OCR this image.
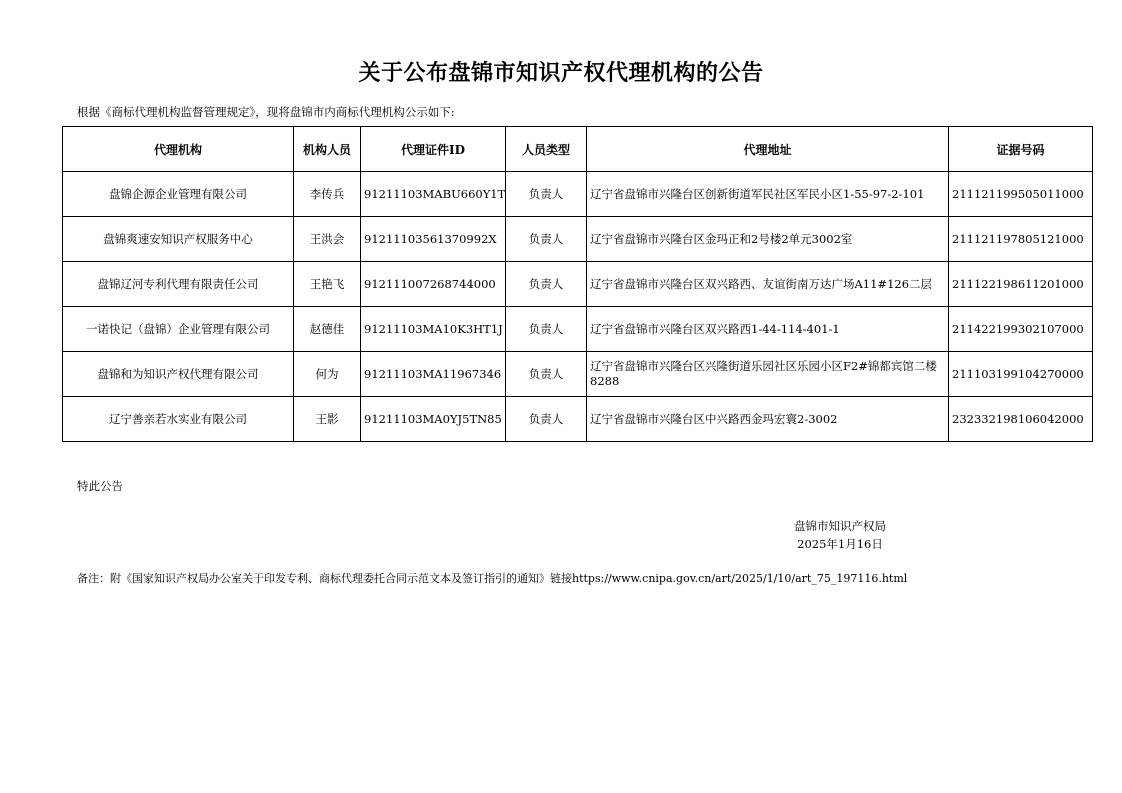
关于公布盘锦市知识产权代理机构的公告
根据《商标代理机构监督管理规定》，现将盘锦市内商标代理机构公示如下:
代理机构	机构人员	代理证件ID	人员类型	代理地址	证据号码
盘锦企源企业管理有限公司	李传兵	91211103MABU660Y1T	负责人	辽宁省盘锦市兴隆台区创新街道军民社区军民小区1-55-97-2-101	211121199505011000
盘锦爽速安知识产权服务中心	王洪会	91211103561370992X	负责人	辽宁省盘锦市兴隆台区金玛正和2号楼2单元3002室	211121197805121000
盘锦辽河专利代理有限责任公司	王艳飞	912111007268744000	负责人	辽宁省盘锦市兴隆台区双兴路西、友谊街南万达广场A11#126二层	211122198611201000
一诺快记（盘锦）企业管理有限公司	赵德佳	91211103MA10K3HT1J	负责人	辽宁省盘锦市兴隆台区双兴路西1-44-114-401-1	211422199302107000
盘锦和为知识产权代理有限公司	何为	91211103MA11967346	负责人	辽宁省盘锦市兴隆台区兴隆街道乐园社区乐园小区F2#锦都宾馆二楼8288	211103199104270000
辽宁善亲若水实业有限公司	王影	91211103MA0YJ5TN85	负责人	辽宁省盘锦市兴隆台区中兴路西金玛宏寰2-3002	232332198106042000
特此公告
盘锦市知识产权局
2025年1月16日
备注：附《国家知识产权局办公室关于印发专利、商标代理委托合同示范文本及签订指引的通知》链接https://www.cnipa.gov.cn/art/2025/1/10/art_75_197116.html
